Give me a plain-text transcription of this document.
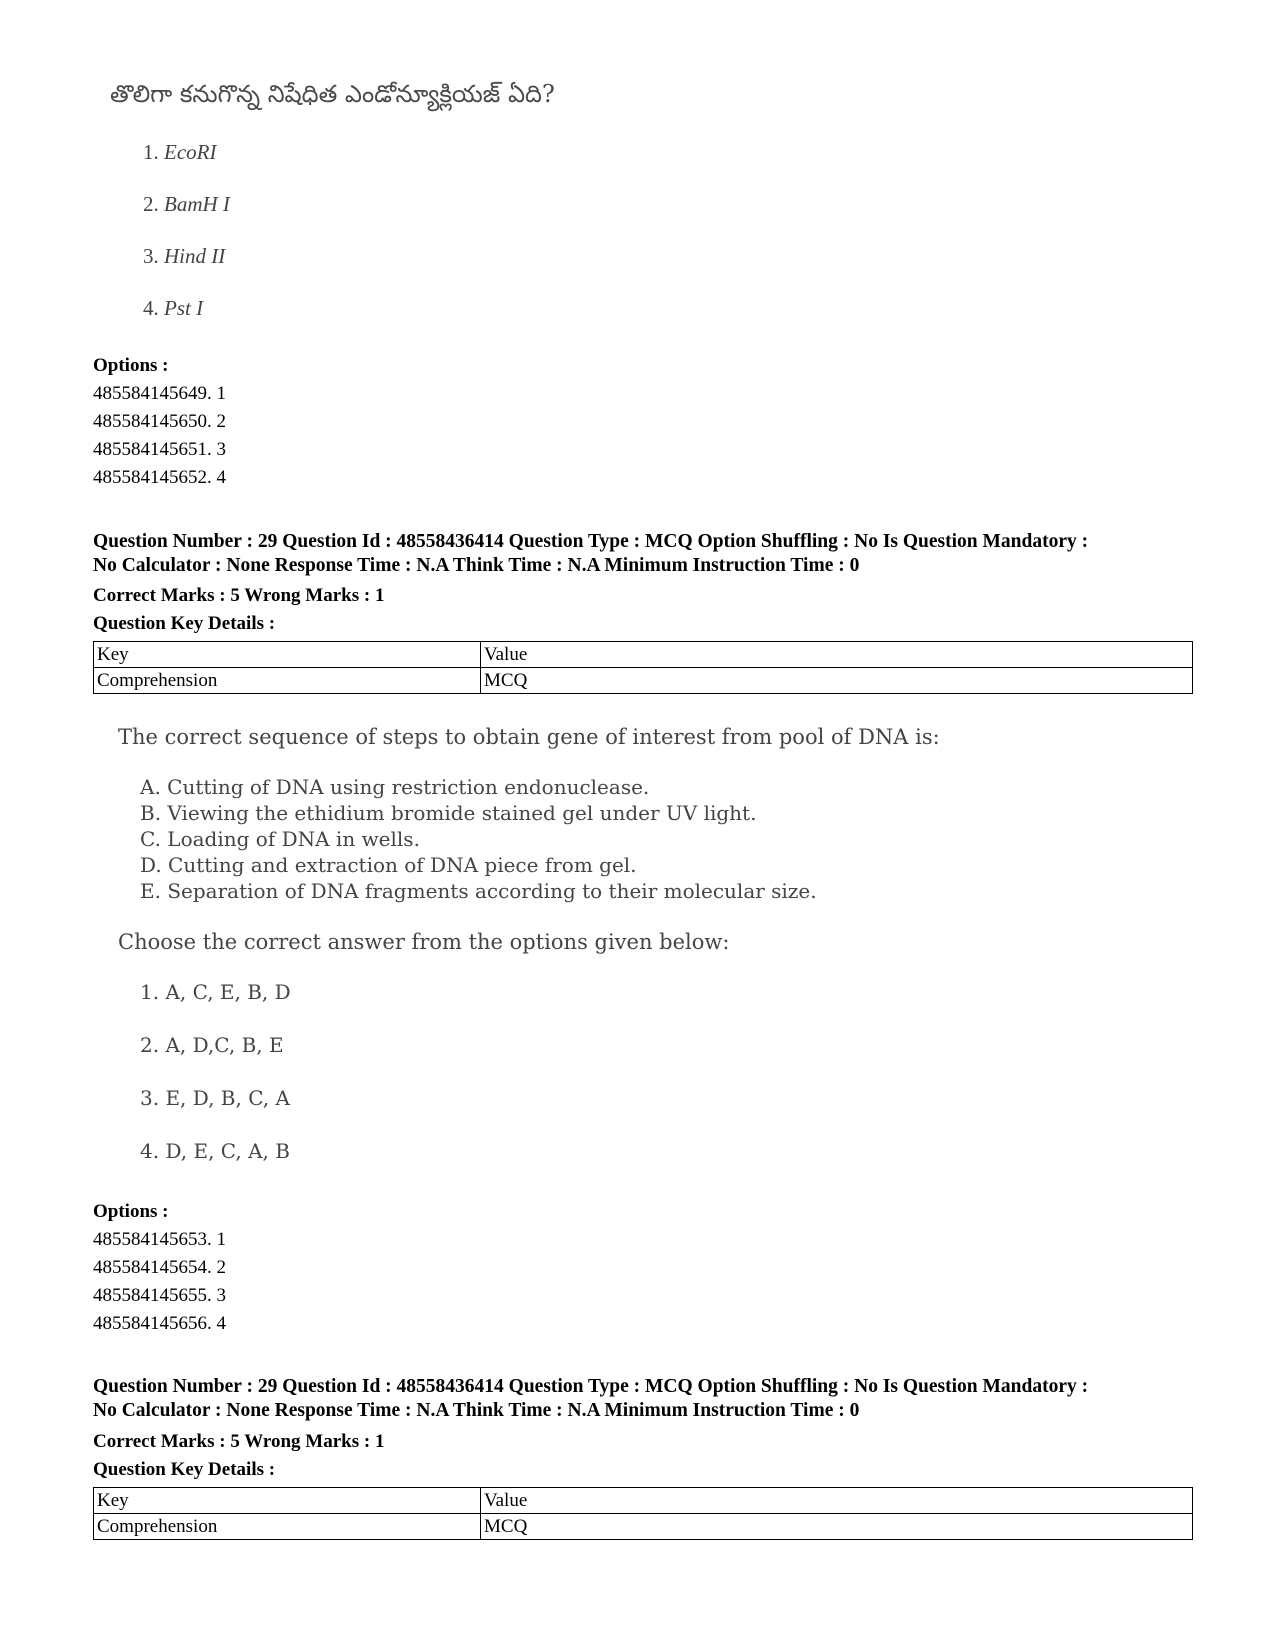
తొలిగా కనుగొన్న నిషేధిత ఎండోన్యూక్లియజ్ ఏది?
1. EcoRI
2. BamH I
3. Hind II
4. Pst I
Options :
485584145649. 1
485584145650. 2
485584145651. 3
485584145652. 4
Question Number : 29 Question Id : 48558436414 Question Type : MCQ Option Shuffling : No Is Question Mandatory :
No Calculator : None Response Time : N.A Think Time : N.A Minimum Instruction Time : 0
Correct Marks : 5 Wrong Marks : 1
Question Key Details :
Key	Value
Comprehension	MCQ
The correct sequence of steps to obtain gene of interest from pool of DNA is:
A. Cutting of DNA using restriction endonuclease.
B. Viewing the ethidium bromide stained gel under UV light.
C. Loading of DNA in wells.
D. Cutting and extraction of DNA piece from gel.
E. Separation of DNA fragments according to their molecular size.
Choose the correct answer from the options given below:
1. A, C, E, B, D
2. A, D,C, B, E
3. E, D, B, C, A
4. D, E, C, A, B
Options :
485584145653. 1
485584145654. 2
485584145655. 3
485584145656. 4
Question Number : 29 Question Id : 48558436414 Question Type : MCQ Option Shuffling : No Is Question Mandatory :
No Calculator : None Response Time : N.A Think Time : N.A Minimum Instruction Time : 0
Correct Marks : 5 Wrong Marks : 1
Question Key Details :
Key	Value
Comprehension	MCQ
